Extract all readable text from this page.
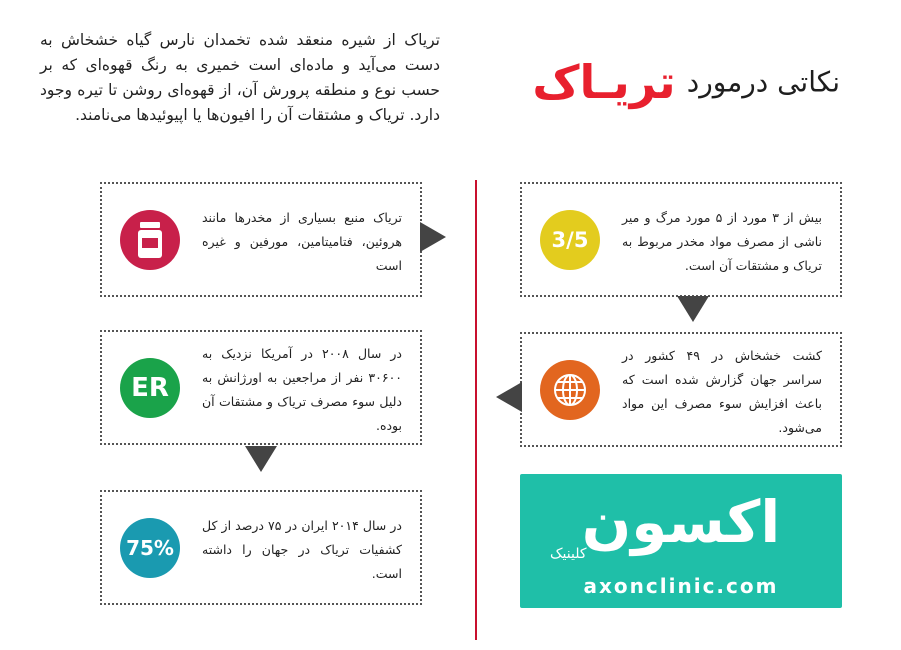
تریاک از شیره منعقد شده تخمدان نارس گیاه خشخاش به دست می‌آید و ماده‌ای است خمیری به رنگ قهوه‌ای که بر حسب نوع و منطقه پرورش آن، از قهوه‌ای روشن تا تیره وجود دارد. تریاک و مشتقات آن را افیون‌ها یا اپیوئیدها می‌نامند.
نکاتی درمورد تریـاک
تریاک منبع بسیاری از مخدرها مانند هروئین، فتامیتامین، مورفین و غیره است
ER
در سال ۲۰۰۸ در آمریکا نزدیک به ۳۰۶۰۰ نفر از مراجعین به اورژانش به دلیل سوء مصرف تریاک و مشتقات آن بوده.
75%
در سال ۲۰۱۴ ایران در ۷۵ درصد از کل کشفیات تریاک در جهان را داشته است.
3/5
بیش از ۳ مورد از ۵ مورد مرگ و میر ناشی از مصرف مواد مخدر مربوط به تریاک و مشتقات آن است.
کشت خشخاش در ۴۹ کشور در سراسر جهان گزارش شده است که باعث افزایش سوء مصرف این مواد می‌شود.
اکسون
کلینیک
axonclinic.com
